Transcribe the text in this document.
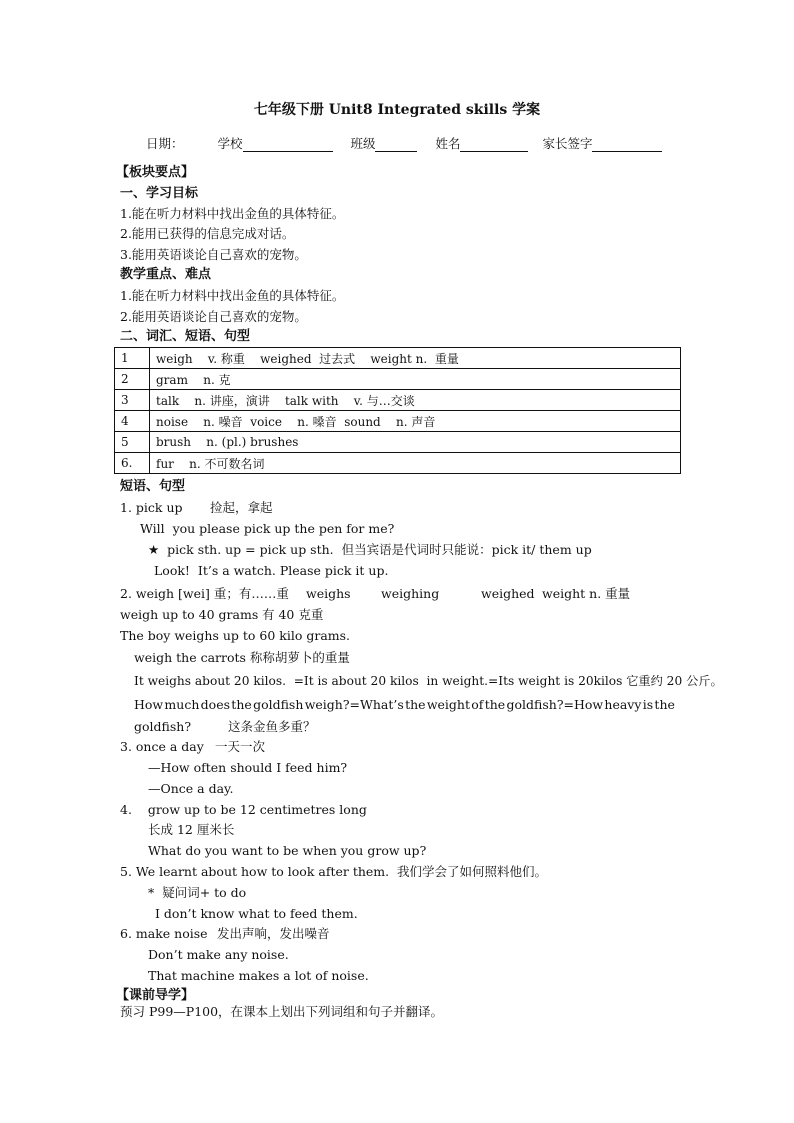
七年级下册 Unit8 Integrated skills 学案
日期：	学校	班级	姓名	家长签字
【板块要点】
一、学习目标
1.能在听力材料中找出金鱼的具体特征。
2.能用已获得的信息完成对话。
3.能用英语谈论自己喜欢的宠物。
教学重点、难点
1.能在听力材料中找出金鱼的具体特征。
2.能用英语谈论自己喜欢的宠物。
二、词汇、短语、句型
1	weigh    v. 称重    weighed  过去式    weight n.  重量
2	gram    n. 克
3	talk    n. 讲座，演讲    talk with    v. 与…交谈
4	noise    n. 噪音  voice    n. 嗓音  sound    n. 声音
5	brush    n. (pl.) brushes
6.	fur    n. 不可数名词
短语、句型
1. pick up 捡起，拿起
Will  you please pick up the pen for me?
★  pick sth. up = pick up sth.  但当宾语是代词时只能说：pick it/ them up
Look!  It’s a watch. Please pick it up.
2. weigh [wei] 重；有……重 weighs weighing	weighed weight n. 重量
weigh up to 40 grams 有 40 克重
The boy weighs up to 60 kilo grams.
weigh the carrots 称称胡萝卜的重量
It weighs about 20 kilos.  =It is about 20 kilos  in weight.=Its weight is 20kilos 它重约 20 公斤。
How much does the goldfish weigh?=What’s the weight of the goldfish?=How heavy is the
goldfish?	这条金鱼多重？
3. once a day 一天一次
—How often should I feed him?
—Once a day.
4.    grow up to be 12 centimetres long
长成 12 厘米长
What do you want to be when you grow up?
5. We learnt about how to look after them.  我们学会了如何照料他们。
*  疑问词+ to do
I don’t know what to feed them.
6. make noise 发出声响，发出噪音
Don’t make any noise.
That machine makes a lot of noise.
【课前导学】
预习 P99—P100，在课本上划出下列词组和句子并翻译。
